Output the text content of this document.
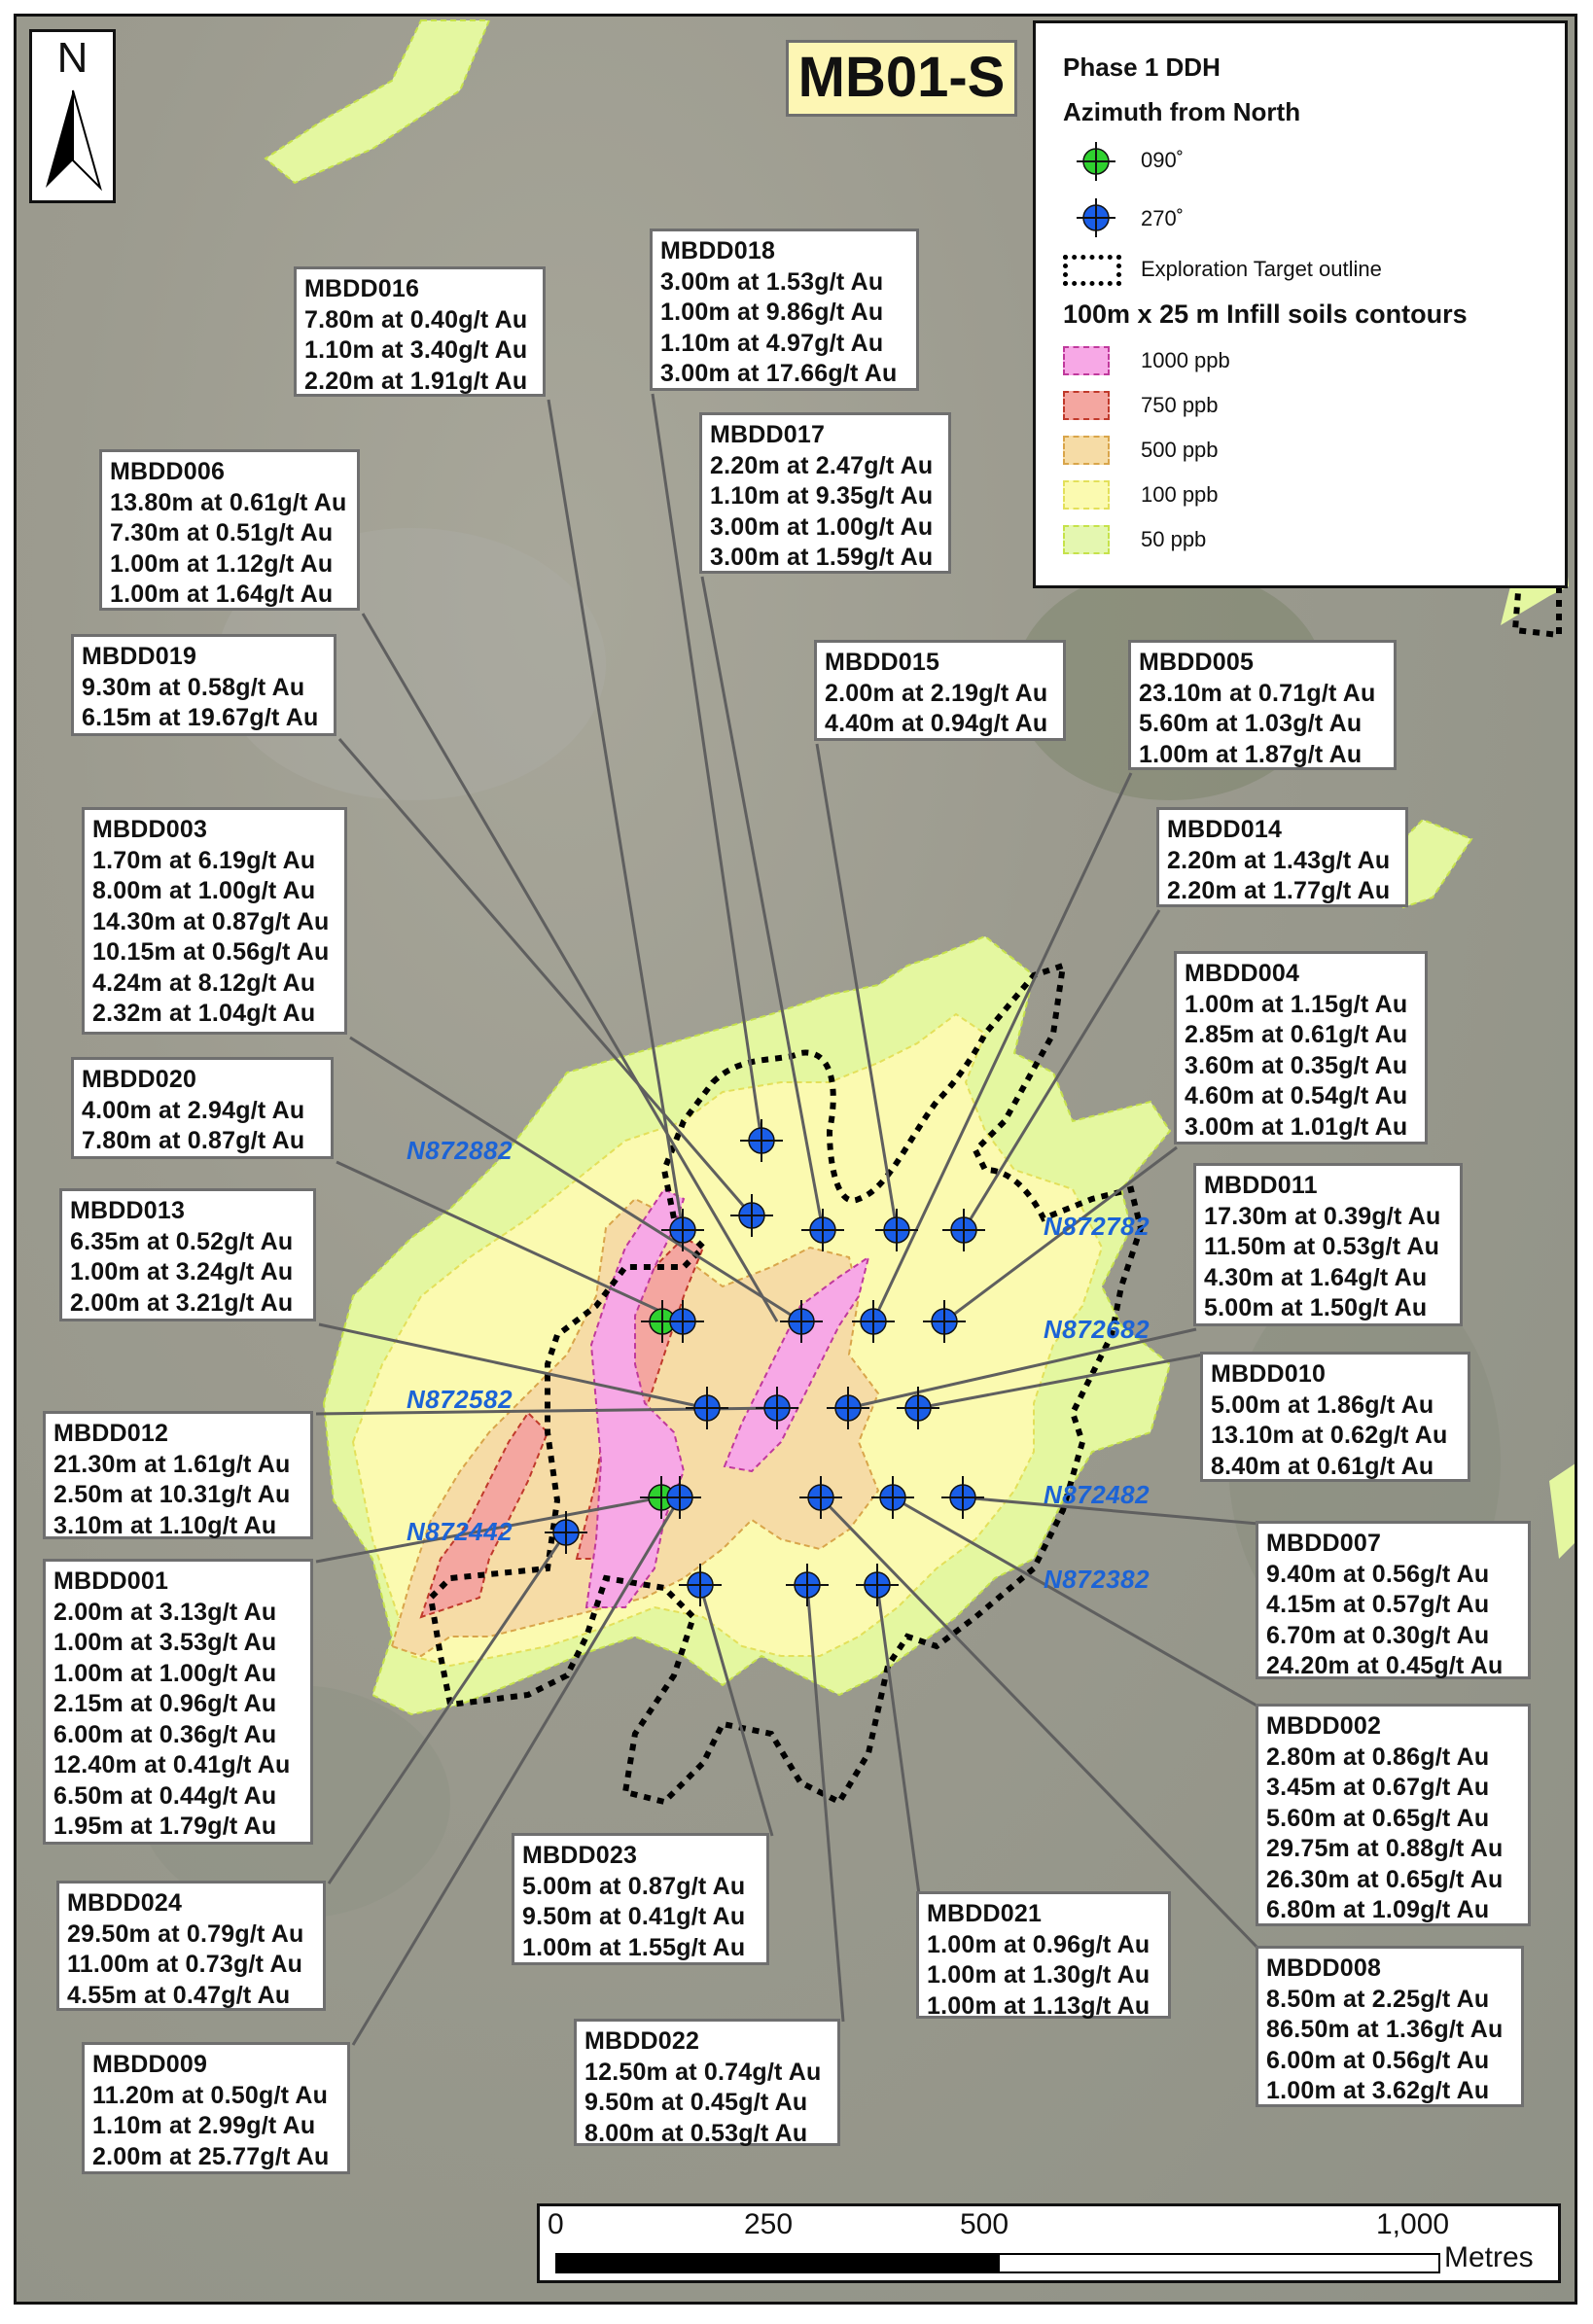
N	MB01-S	Phase 1 DDH
Azimuth from North
090˚
270˚
Exploration Target outline
100m x 25 m Infill soils contours
1000 ppb
750 ppb
500 ppb
100 ppb
50 ppb
N872882
N872782
N872682
N872582
N872482
N872442
N872382
MBDD016
7.80m at 0.40g/t Au
1.10m at 3.40g/t Au
2.20m at 1.91g/t Au
MBDD018
3.00m at 1.53g/t Au
1.00m at 9.86g/t Au
1.10m at 4.97g/t Au
3.00m at 17.66g/t Au
MBDD017
2.20m at 2.47g/t Au
1.10m at 9.35g/t Au
3.00m at 1.00g/t Au
3.00m at 1.59g/t Au
MBDD006
13.80m at 0.61g/t Au
7.30m at 0.51g/t Au
1.00m at 1.12g/t Au
1.00m at 1.64g/t Au
MBDD019
9.30m at 0.58g/t Au
6.15m at 19.67g/t Au
MBDD015
2.00m at 2.19g/t Au
4.40m at 0.94g/t Au
MBDD005
23.10m at 0.71g/t Au
5.60m at 1.03g/t Au
1.00m at 1.87g/t Au
MBDD003
1.70m at 6.19g/t Au
8.00m at 1.00g/t Au
14.30m at 0.87g/t Au
10.15m at 0.56g/t Au
4.24m at 8.12g/t Au
2.32m at 1.04g/t Au
MBDD014
2.20m at 1.43g/t Au
2.20m at 1.77g/t Au
MBDD004
1.00m at 1.15g/t Au
2.85m at 0.61g/t Au
3.60m at 0.35g/t Au
4.60m at 0.54g/t Au
3.00m at 1.01g/t Au
MBDD020
4.00m at 2.94g/t Au
7.80m at 0.87g/t Au
MBDD011
17.30m at 0.39g/t Au
11.50m at 0.53g/t Au
4.30m at 1.64g/t Au
5.00m at 1.50g/t Au
MBDD013
6.35m at 0.52g/t Au
1.00m at 3.24g/t Au
2.00m at 3.21g/t Au
MBDD010
5.00m at 1.86g/t Au
13.10m at 0.62g/t Au
8.40m at 0.61g/t Au
MBDD012
21.30m at 1.61g/t Au
2.50m at 10.31g/t Au
3.10m at 1.10g/t Au
MBDD007
9.40m at 0.56g/t Au
4.15m at 0.57g/t Au
6.70m at 0.30g/t Au
24.20m at 0.45g/t Au
MBDD001
2.00m at 3.13g/t Au
1.00m at 3.53g/t Au
1.00m at 1.00g/t Au
2.15m at 0.96g/t Au
6.00m at 0.36g/t Au
12.40m at 0.41g/t Au
6.50m at 0.44g/t Au
1.95m at 1.79g/t Au
MBDD002
2.80m at 0.86g/t Au
3.45m at 0.67g/t Au
5.60m at 0.65g/t Au
29.75m at 0.88g/t Au
26.30m at 0.65g/t Au
6.80m at 1.09g/t Au
MBDD023
5.00m at 0.87g/t Au
9.50m at 0.41g/t Au
1.00m at 1.55g/t Au
MBDD021
1.00m at 0.96g/t Au
1.00m at 1.30g/t Au
1.00m at 1.13g/t Au
MBDD024
29.50m at 0.79g/t Au
11.00m at 0.73g/t Au
4.55m at 0.47g/t Au
MBDD008
8.50m at 2.25g/t Au
86.50m at 1.36g/t Au
6.00m at 0.56g/t Au
1.00m at 3.62g/t Au
MBDD022
12.50m at 0.74g/t Au
9.50m at 0.45g/t Au
8.00m at 0.53g/t Au
MBDD009
11.20m at 0.50g/t Au
1.10m at 2.99g/t Au
2.00m at 25.77g/t Au
0	250	500	1,000
Metres
